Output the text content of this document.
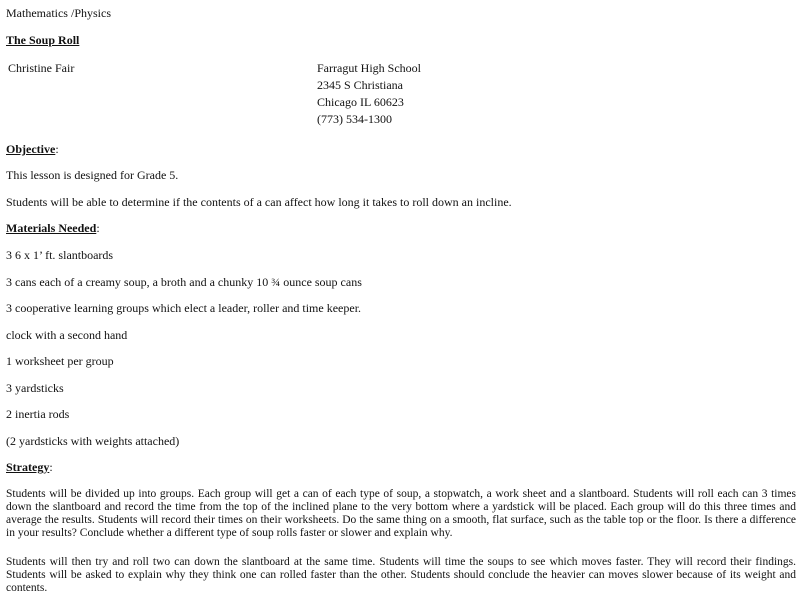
Mathematics /Physics
The Soup Roll
Christine Fair	Farragut High School
2345 S Christiana
Chicago IL 60623
(773) 534-1300
Objective:
This lesson is designed for Grade 5.
Students will be able to determine if the contents of a can affect how long it takes to roll down an incline.
Materials Needed:
3 6 x 1’ ft. slantboards
3 cans each of a creamy soup, a broth and a chunky 10 ¾ ounce soup cans
3 cooperative learning groups which elect a leader, roller and time keeper.
clock with a second hand
1 worksheet per group
3 yardsticks
2 inertia rods
(2 yardsticks with weights attached)
Strategy:
Students will be divided up into groups. Each group will get a can of each type of soup, a stopwatch, a work sheet and a slantboard. Students will roll each can 3 times down the slantboard and record the time from the top of the inclined plane to the very bottom where a yardstick will be placed. Each group will do this three times and average the results. Students will record their times on their worksheets. Do the same thing on a smooth, flat surface, such as the table top or the floor. Is there a difference in your results? Conclude whether a different type of soup rolls faster or slower and explain why.
Students will then try and roll two can down the slantboard at the same time. Students will time the soups to see which moves faster. They will record their findings. Students will be asked to explain why they think one can rolled faster than the other. Students should conclude the heavier can moves slower because of its weight and contents.
